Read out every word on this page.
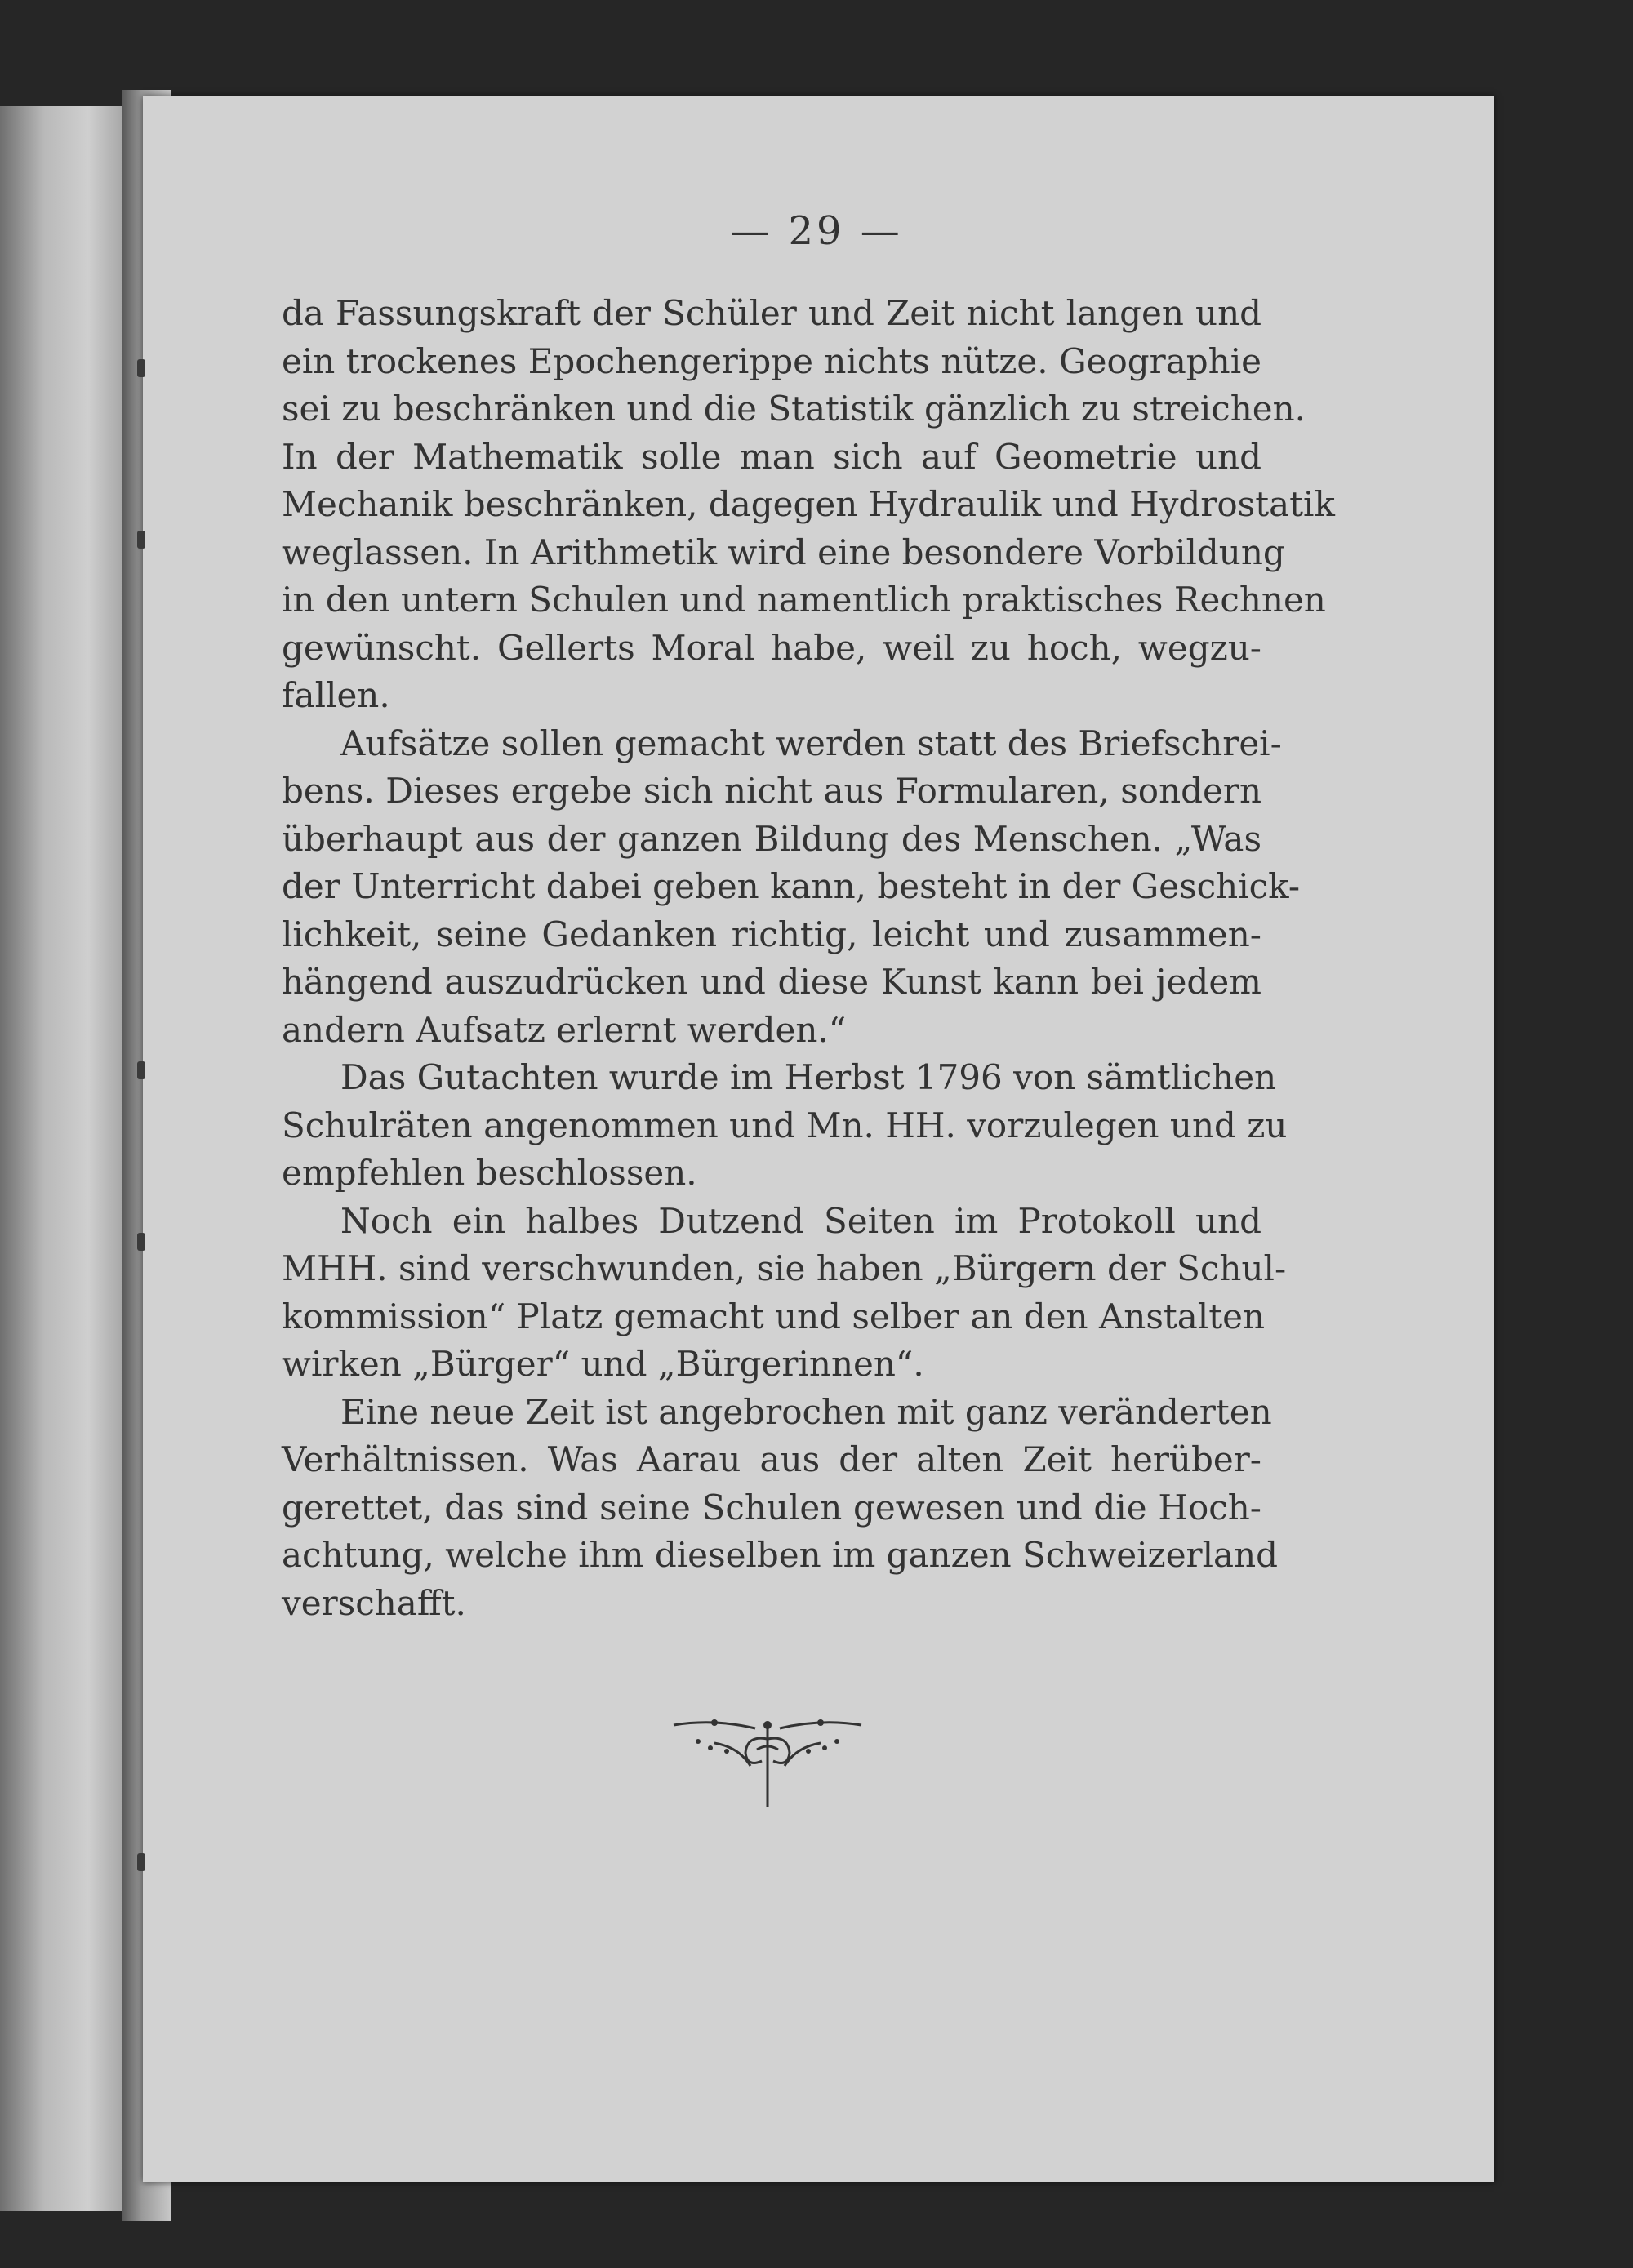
— 29 —

da Fassungskraft der Schüler und Zeit nicht langen und
ein trockenes Epochengerippe nichts nütze. Geographie
sei zu beschränken und die Statistik gänzlich zu streichen.
In der Mathematik solle man sich auf Geometrie und
Mechanik beschränken, dagegen Hydraulik und Hydrostatik
weglassen. In Arithmetik wird eine besondere Vorbildung
in den untern Schulen und namentlich praktisches Rechnen
gewünscht. Gellerts Moral habe, weil zu hoch, wegzu-
fallen.

Aufsätze sollen gemacht werden statt des Briefschrei-
bens. Dieses ergebe sich nicht aus Formularen, sondern
überhaupt aus der ganzen Bildung des Menschen. „Was
der Unterricht dabei geben kann, besteht in der Geschick-
lichkeit, seine Gedanken richtig, leicht und zusammen-
hängend auszudrücken und diese Kunst kann bei jedem
andern Aufsatz erlernt werden.“

Das Gutachten wurde im Herbst 1796 von sämtlichen
Schulräten angenommen und Mn. HH. vorzulegen und zu
empfehlen beschlossen.

Noch ein halbes Dutzend Seiten im Protokoll und
MHH. sind verschwunden, sie haben „Bürgern der Schul-
kommission“ Platz gemacht und selber an den Anstalten
wirken „Bürger“ und „Bürgerinnen“.

Eine neue Zeit ist angebrochen mit ganz veränderten
Verhältnissen. Was Aarau aus der alten Zeit herüber-
gerettet, das sind seine Schulen gewesen und die Hoch-
achtung, welche ihm dieselben im ganzen Schweizerland
verschafft.
